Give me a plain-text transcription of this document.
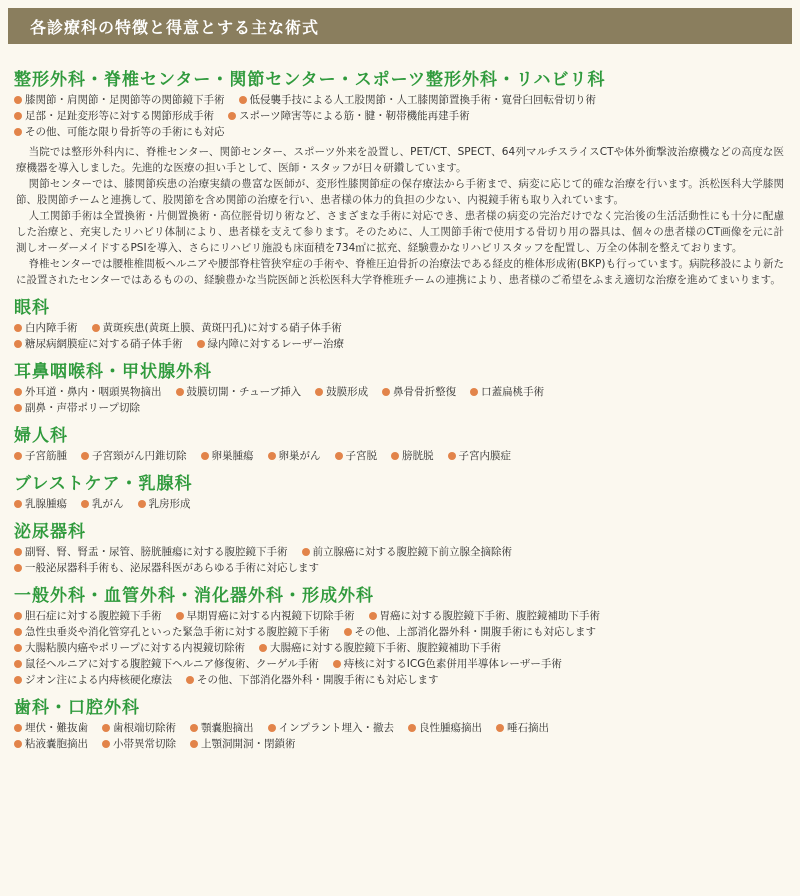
各診療科の特徴と得意とする主な術式
整形外科・脊椎センター・関節センター・スポーツ整形外科・リハビリ科
膝関節・肩関節・足関節等の関節鏡下手術 低侵襲手技による人工股関節・人工膝関節置換手術・寛骨臼回転骨切り術
足部・足趾変形等に対する関節形成手術 スポーツ障害等による筋・腱・靭帯機能再建手術
その他、可能な限り骨折等の手術にも対応

当院では整形外科内に、脊椎センター、関節センター、スポーツ外来を設置し、PET/CT、SPECT、64列マルチスライスCTや体外衝撃波治療機などの高度な医療機器を導入しました。先進的な医療の担い手として、医師・スタッフが日々研鑽しています。

関節センターでは、膝関節疾患の治療実績の豊富な医師が、変形性膝関節症の保存療法から手術まで、病変に応じて的確な治療を行います。浜松医科大学膝関節、股関節チームと連携して、股関節を含め関節の治療を行い、患者様の体力的負担の少ない、内視鏡手術も取り入れています。

人工関節手術は全置換術・片側置換術・高位脛骨切り術など、さまざまな手術に対応でき、患者様の病変の完治だけでなく完治後の生活活動性にも十分に配慮した治療と、充実したリハビリ体制により、患者様を支えて参ります。そのために、人工関節手術で使用する骨切り用の器具は、個々の患者様のCT画像を元に計測しオーダーメイドするPSIを導入、さらにリハビリ施設も床面積を734㎡に拡充、経験豊かなリハビリスタッフを配置し、万全の体制を整えております。

脊椎センターでは腰椎椎間板ヘルニアや腰部脊柱管狭窄症の手術や、脊椎圧迫骨折の治療法である経皮的椎体形成術(BKP)も行っています。病院移設により新たに設置されたセンターではあるものの、経験豊かな当院医師と浜松医科大学脊椎班チームの連携により、患者様のご希望をふまえ適切な治療を進めてまいります。

眼科
白内障手術 黄斑疾患(黄斑上膜、黄斑円孔)に対する硝子体手術
糖尿病網膜症に対する硝子体手術 緑内障に対するレーザー治療
耳鼻咽喉科・甲状腺外科
外耳道・鼻内・咽頭異物摘出 鼓膜切開・チューブ挿入 鼓膜形成 鼻骨骨折整復 口蓋扁桃手術
副鼻・声帯ポリープ切除
婦人科
子宮筋腫 子宮頸がん円錐切除 卵巣腫瘍 卵巣がん 子宮脱 膀胱脱 子宮内膜症
ブレストケア・乳腺科
乳腺腫瘍 乳がん 乳房形成
泌尿器科
副腎、腎、腎盂・尿管、膀胱腫瘍に対する腹腔鏡下手術 前立腺癌に対する腹腔鏡下前立腺全摘除術
一般泌尿器科手術も、泌尿器科医があらゆる手術に対応します
一般外科・血管外科・消化器外科・形成外科
胆石症に対する腹腔鏡下手術 早期胃癌に対する内視鏡下切除手術 胃癌に対する腹腔鏡下手術、腹腔鏡補助下手術
急性虫垂炎や消化管穿孔といった緊急手術に対する腹腔鏡下手術 その他、上部消化器外科・開腹手術にも対応します
大腸粘膜内癌やポリープに対する内視鏡切除術 大腸癌に対する腹腔鏡下手術、腹腔鏡補助下手術
鼠径ヘルニアに対する腹腔鏡下ヘルニア修復術、クーゲル手術 痔核に対するICG色素併用半導体レーザー手術
ジオン注による内痔核硬化療法 その他、下部消化器外科・開腹手術にも対応します
歯科・口腔外科
埋伏・難抜歯 歯根端切除術 顎嚢胞摘出 インプラント埋入・撤去 良性腫瘍摘出 唾石摘出
粘液嚢胞摘出 小帯異常切除 上顎洞開洞・閉鎖術
